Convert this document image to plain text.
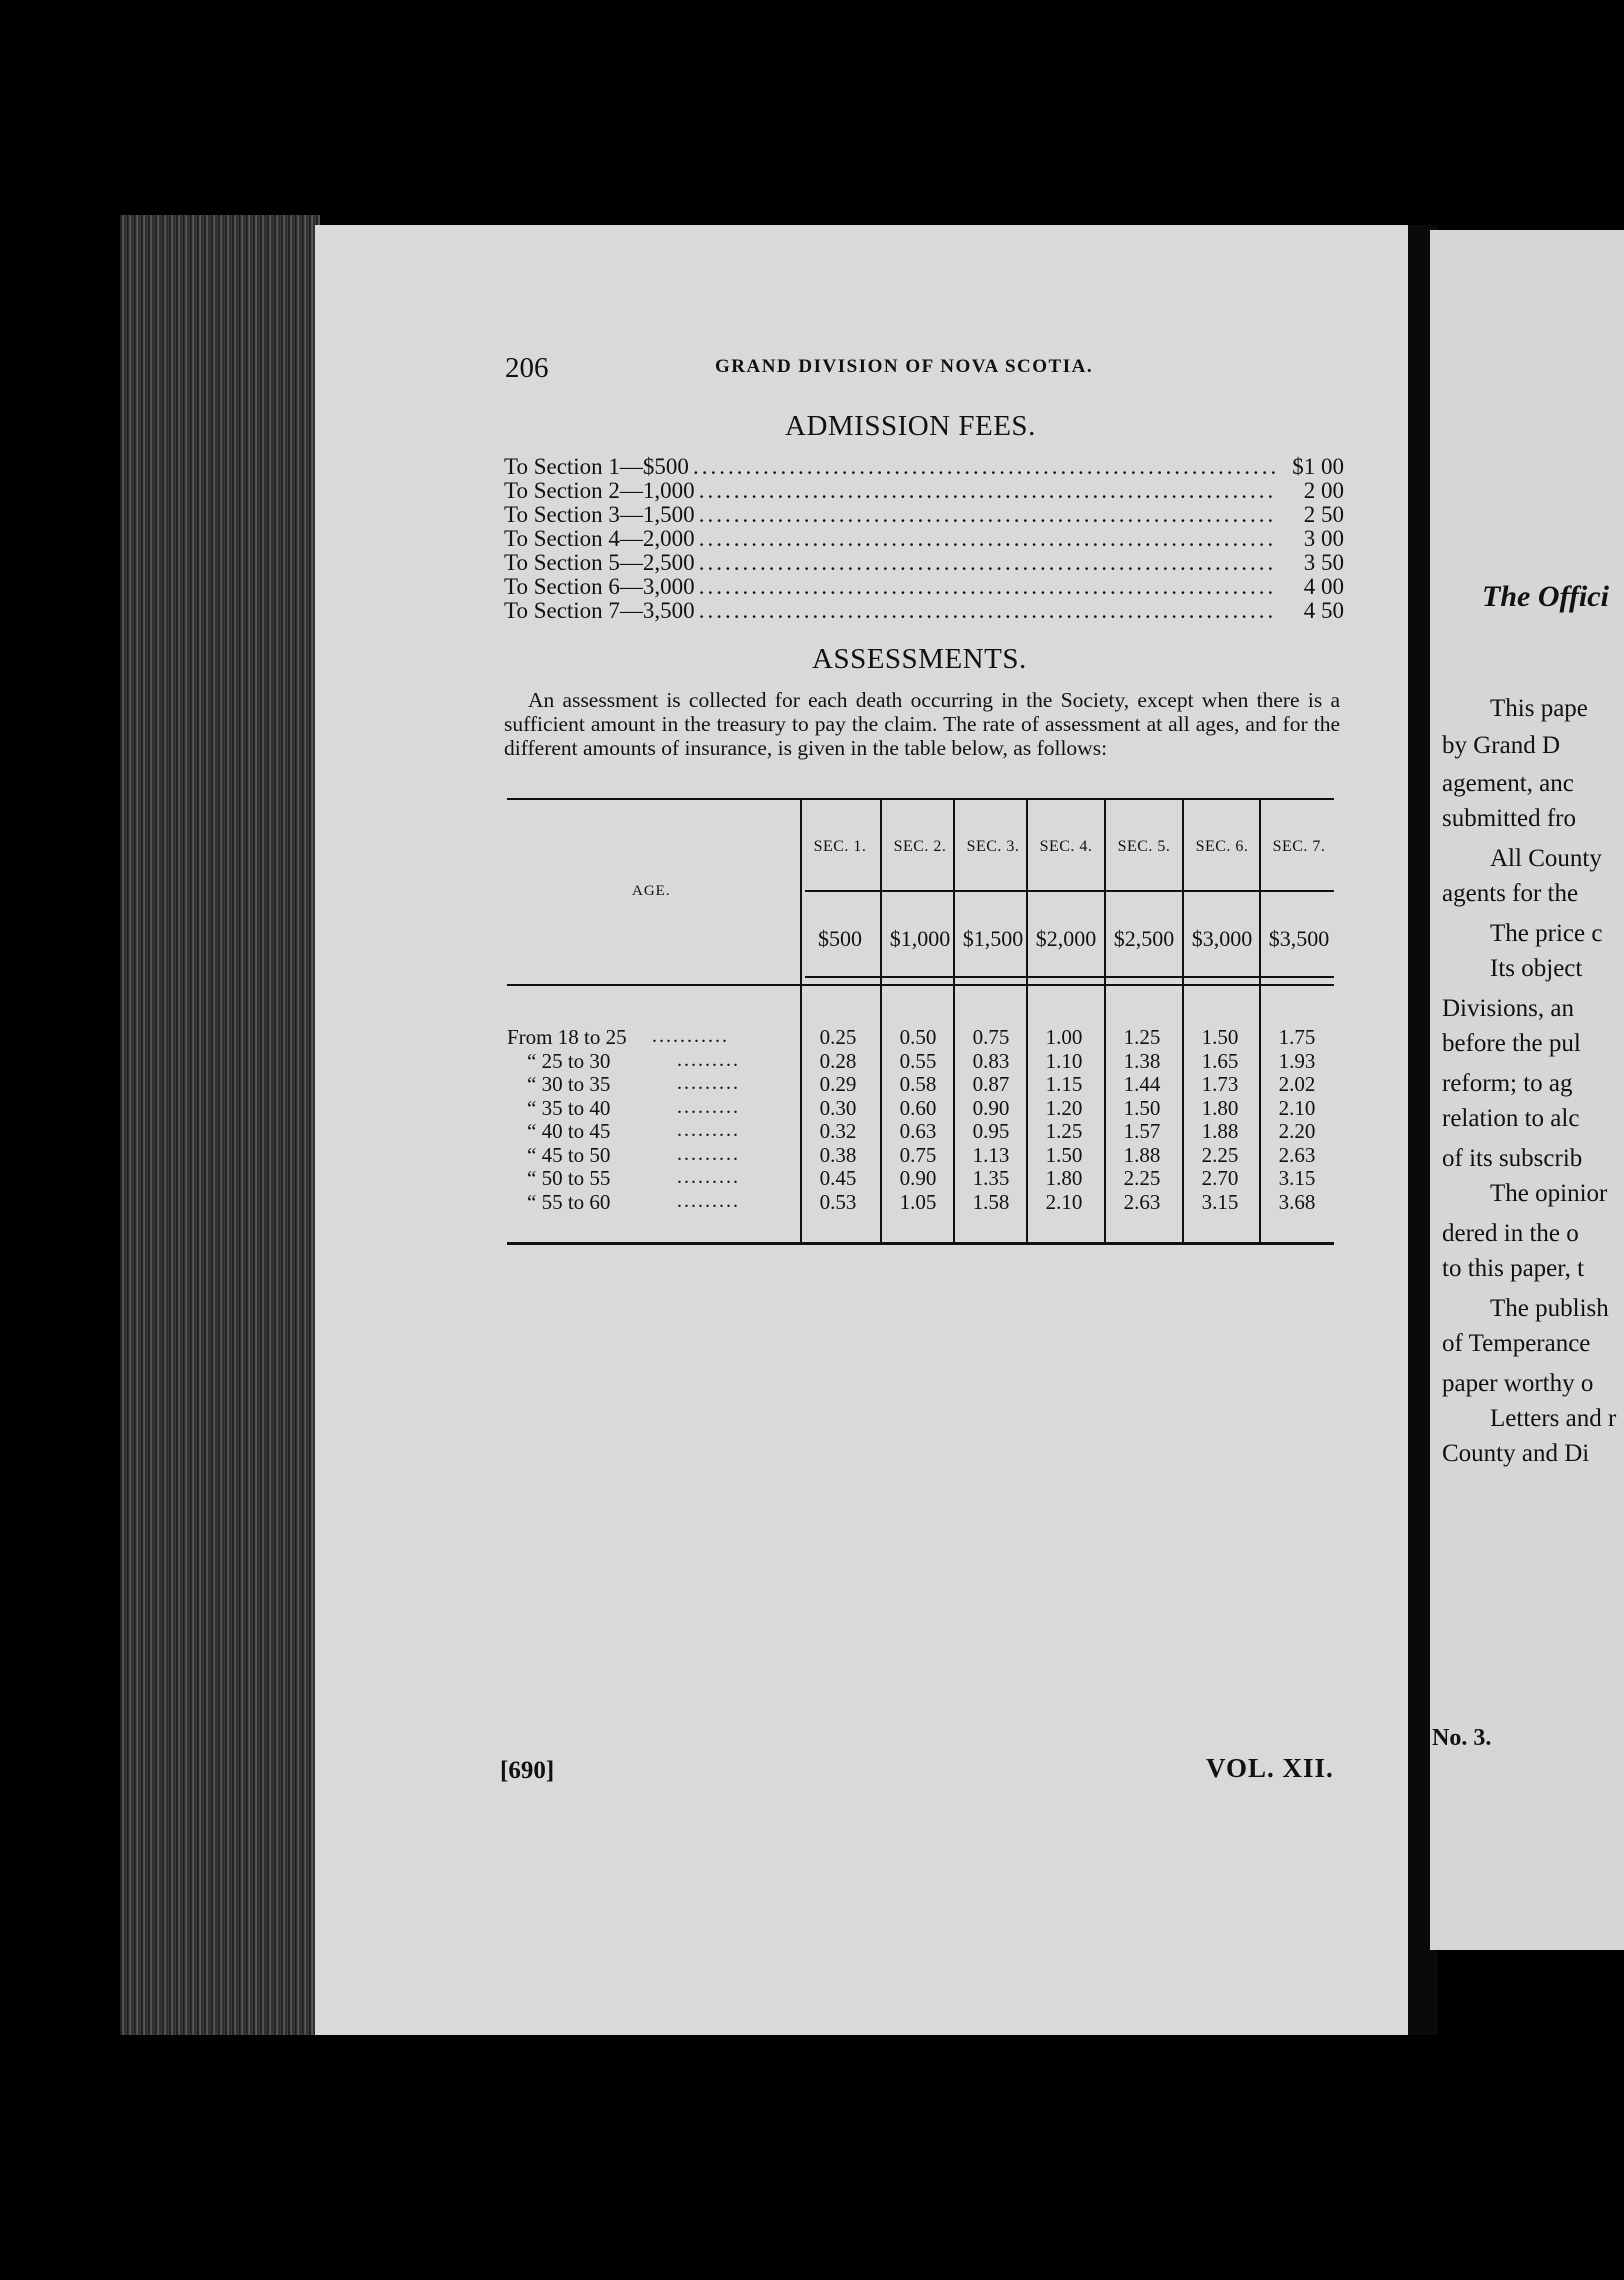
206	GRAND DIVISION OF NOVA SCOTIA.
ADMISSION FEES.
To Section 1—$500 .....	$1 00
To Section 2—1,000 .....	2 00
To Section 3—1,500 .....	2 50
To Section 4—2,000 .....	3 00
To Section 5—2,500 .....	3 50
To Section 6—3,000 .....	4 00
To Section 7—3,500 .....	4 50
ASSESSMENTS.
An assessment is collected for each death occurring in the Society, except when there is a sufficient amount in the treasury to pay the claim. The rate of assessment at all ages, and for the different amounts of insurance, is given in the table below, as follows:
SEC. 1.	SEC. 2.	SEC. 3.	SEC. 4.	SEC. 5.	SEC. 6.	SEC. 7.
$500	$1,000 $1,500 $2,000 $2,500 $3,000 $3,500
AGE.
From 18 to 25 ...........	0.25	0.50	0.75	1.00	1.25	1.50	1.75
“ 25 to 30	.........	0.28	0.55	0.83	1.10	1.38	1.65	1.93
“ 30 to 35	.........	0.29	0.58	0.87	1.15	1.44	1.73	2.02
“ 35 to 40	.........	0.30	0.60	0.90	1.20	1.50	1.80	2.10
“ 40 to 45	.........	0.32	0.63	0.95	1.25	1.57	1.88	2.20
“ 45 to 50	.........	0.38	0.75	1.13	1.50	1.88	2.25	2.63
“ 50 to 55	.........	0.45	0.90	1.35	1.80	2.25	2.70	3.15
“ 55 to 60	.........	0.53	1.05	1.58	2.10	2.63	3.15	3.68
[690]	VOL. XII.
The Offici
This pape
by Grand D
agement, anc
submitted fro
All County
agents for the
The price c
Its object
Divisions, an
before the pul
reform; to ag
relation to alc
of its subscrib
The opinior
dered in the o
to this paper, t
The publish
of Temperance
paper worthy o
Letters and r
County and Di
No. 3.
